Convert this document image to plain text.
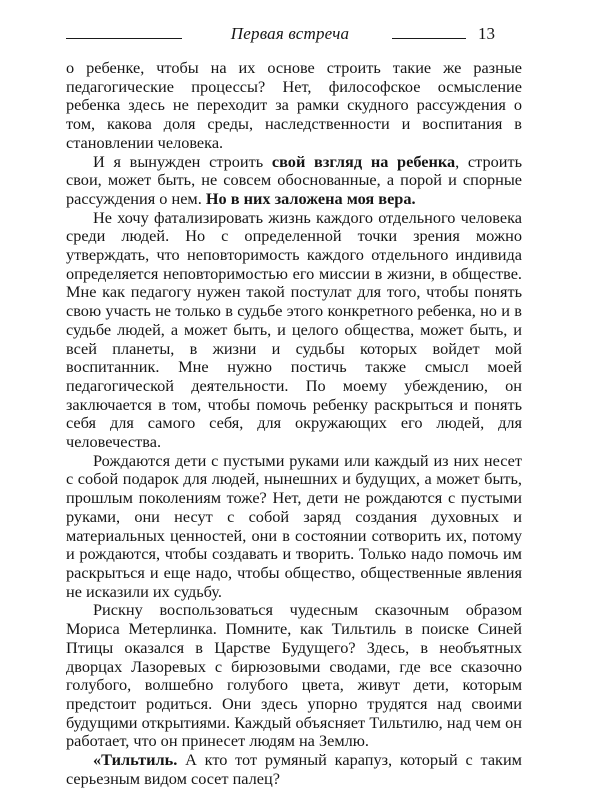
Первая встреча	13

о ребенке, чтобы на их основе строить такие же разные педагогические процессы? Нет, философское осмысление ребенка здесь не переходит за рамки скудного рассуждения о том, какова доля среды, наследственности и воспитания в становлении человека.

И я вынужден строить свой взгляд на ребенка, строить свои, может быть, не совсем обоснованные, а порой и спорные рассуждения о нем. Но в них заложена моя вера.

Не хочу фатализировать жизнь каждого отдельного человека среди людей. Но с определенной точки зрения можно утверждать, что неповторимость каждого отдельного индивида определяется неповторимостью его миссии в жизни, в обществе. Мне как педагогу нужен такой постулат для того, чтобы понять свою участь не только в судьбе этого конкретного ребенка, но и в судьбе людей, а может быть, и целого общества, может быть, и всей планеты, в жизни и судьбы которых войдет мой воспитанник. Мне нужно постичь также смысл моей педагогической деятельности. По моему убеждению, он заключается в том, чтобы помочь ребенку раскрыться и понять себя для самого себя, для окружающих его людей, для человечества.

Рождаются дети с пустыми руками или каждый из них несет с собой подарок для людей, нынешних и будущих, а может быть, прошлым поколениям тоже? Нет, дети не рождаются с пустыми руками, они несут с собой заряд создания духовных и материальных ценностей, они в состоянии сотворить их, потому и рождаются, чтобы создавать и творить. Только надо помочь им раскрыться и еще надо, чтобы общество, общественные явления не исказили их судьбу.

Рискну воспользоваться чудесным сказочным образом Мориса Метерлинка. Помните, как Тильтиль в поиске Синей Птицы оказался в Царстве Будущего? Здесь, в необъятных дворцах Лазоревых с бирюзовыми сводами, где все сказочно голубого, волшебно голубого цвета, живут дети, которым предстоит родиться. Они здесь упорно трудятся над своими будущими открытиями. Каждый объясняет Тильтилю, над чем он работает, что он принесет людям на Землю.

«Тильтиль. А кто тот румяный карапуз, который с таким серьезным видом сосет палец?
